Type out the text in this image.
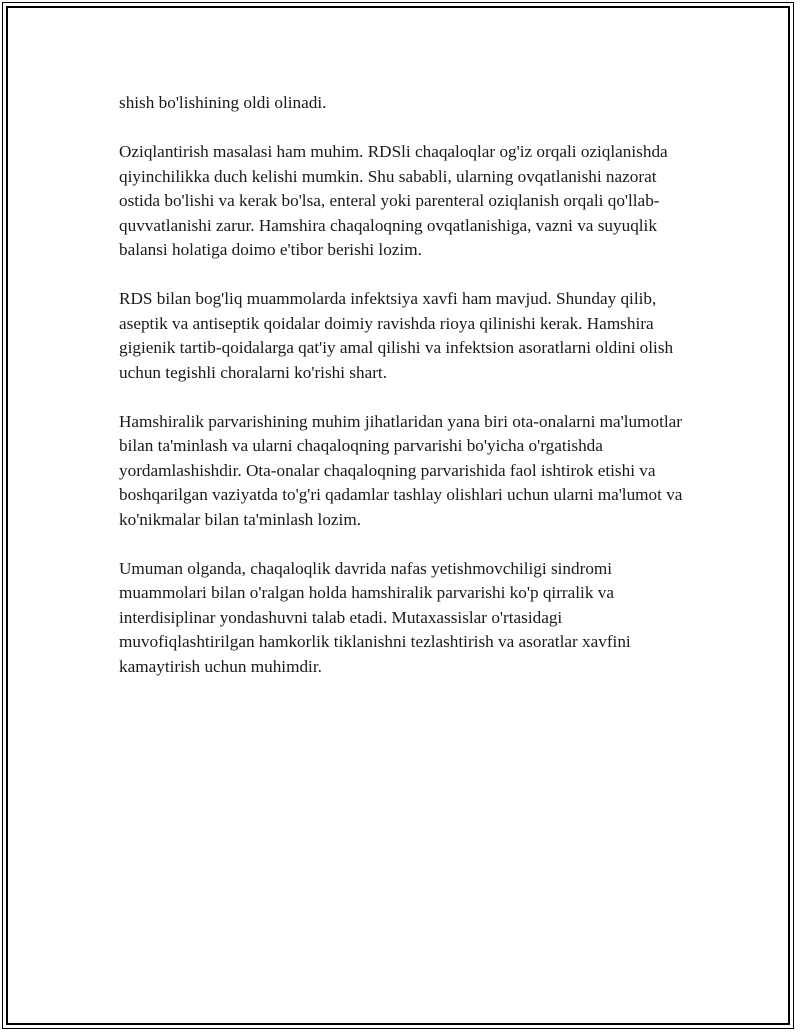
shish bo'lishining oldi olinadi.

Oziqlantirish masalasi ham muhim. RDSli chaqaloqlar og'iz orqali oziqlanishda qiyinchilikka duch kelishi mumkin. Shu sababli, ularning ovqatlanishi nazorat ostida bo'lishi va kerak bo'lsa, enteral yoki parenteral oziqlanish orqali qo'llab-quvvatlanishi zarur. Hamshira chaqaloqning ovqatlanishiga, vazni va suyuqlik balansi holatiga doimo e'tibor berishi lozim.

RDS bilan bog'liq muammolarda infektsiya xavfi ham mavjud. Shunday qilib, aseptik va antiseptik qoidalar doimiy ravishda rioya qilinishi kerak. Hamshira gigienik tartib-qoidalarga qat'iy amal qilishi va infektsion asoratlarni oldini olish uchun tegishli choralarni ko'rishi shart.

Hamshiralik parvarishining muhim jihatlaridan yana biri ota-onalarni ma'lumotlar bilan ta'minlash va ularni chaqaloqning parvarishi bo'yicha o'rgatishda yordamlashishdir. Ota-onalar chaqaloqning parvarishida faol ishtirok etishi va boshqarilgan vaziyatda to'g'ri qadamlar tashlay olishlari uchun ularni ma'lumot va ko'nikmalar bilan ta'minlash lozim.

Umuman olganda, chaqaloqlik davrida nafas yetishmovchiligi sindromi muammolari bilan o'ralgan holda hamshiralik parvarishi ko'p qirralik va interdisiplinar yondashuvni talab etadi. Mutaxassislar o'rtasidagi muvofiqlashtirilgan hamkorlik tiklanishni tezlashtirish va asoratlar xavfini kamaytirish uchun muhimdir.
